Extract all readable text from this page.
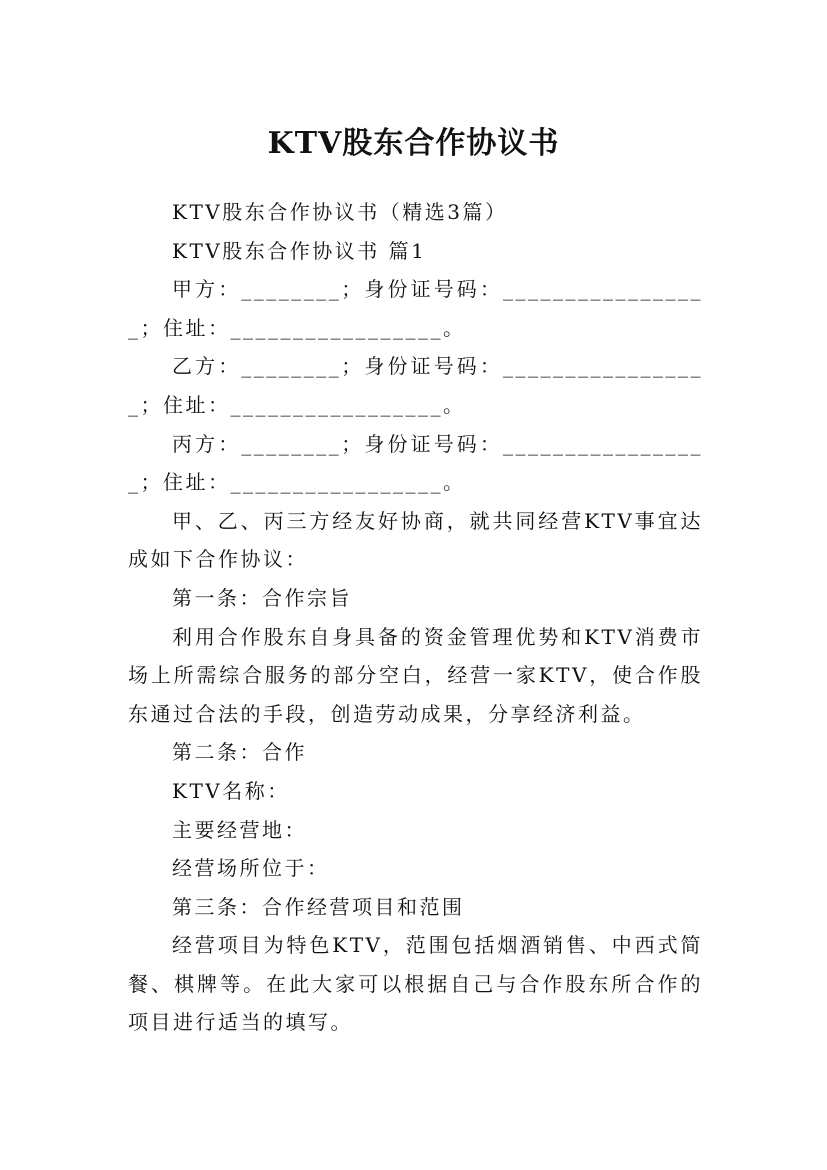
KTV股东合作协议书

KTV股东合作协议书（精选3篇）

KTV股东合作协议书 篇1

甲方：________；身份证号码：_________________；住址：_________________。

乙方：________；身份证号码：_________________；住址：_________________。

丙方：________；身份证号码：_________________；住址：_________________。

甲、乙、丙三方经友好协商，就共同经营KTV事宜达成如下合作协议：

第一条：合作宗旨

利用合作股东自身具备的资金管理优势和KTV消费市场上所需综合服务的部分空白，经营一家KTV，使合作股东通过合法的手段，创造劳动成果，分享经济利益。

第二条：合作

KTV名称：

主要经营地：

经营场所位于：

第三条：合作经营项目和范围

经营项目为特色KTV，范围包括烟酒销售、中西式简餐、棋牌等。在此大家可以根据自己与合作股东所合作的项目进行适当的填写。
